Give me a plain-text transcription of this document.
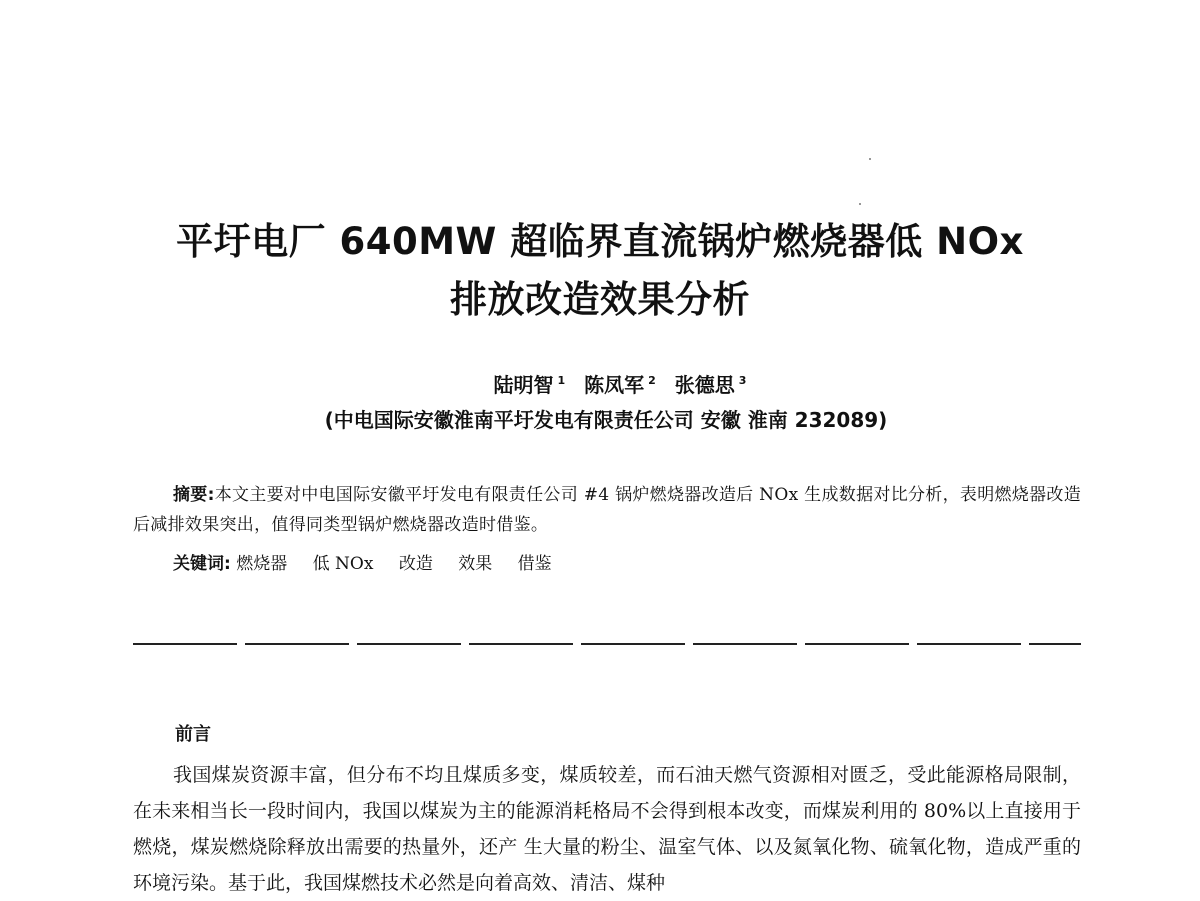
平圩电厂 640MW 超临界直流锅炉燃烧器低 NOx
排放改造效果分析
陆明智 $^1$ 陈凤军 $^2$ 张德思 $^3$
(中电国际安徽淮南平圩发电有限责任公司 安徽 淮南 232089)
摘要:本文主要对中电国际安徽平圩发电有限责任公司 #4 锅炉燃烧器改造后 NOx 生成数据对比分析，表明燃烧器改造后减排效果突出，值得同类型锅炉燃烧器改造时借鉴。
关键词: 燃烧器 低 NOx 改造 效果 借鉴
前言

我国煤炭资源丰富，但分布不均且煤质多变，煤质较差，而石油天燃气资源相对匮乏，受此能源格局限制，在未来相当长一段时间内，我国以煤炭为主的能源消耗格局不会得到根本改变，而煤炭利用的 80%以上直接用于燃烧，煤炭燃烧除释放出需要的热量外，还产 生大量的粉尘、温室气体、以及氮氧化物、硫氧化物，造成严重的环境污染。基于此，我国煤燃技术必然是向着高效、清洁、煤种
